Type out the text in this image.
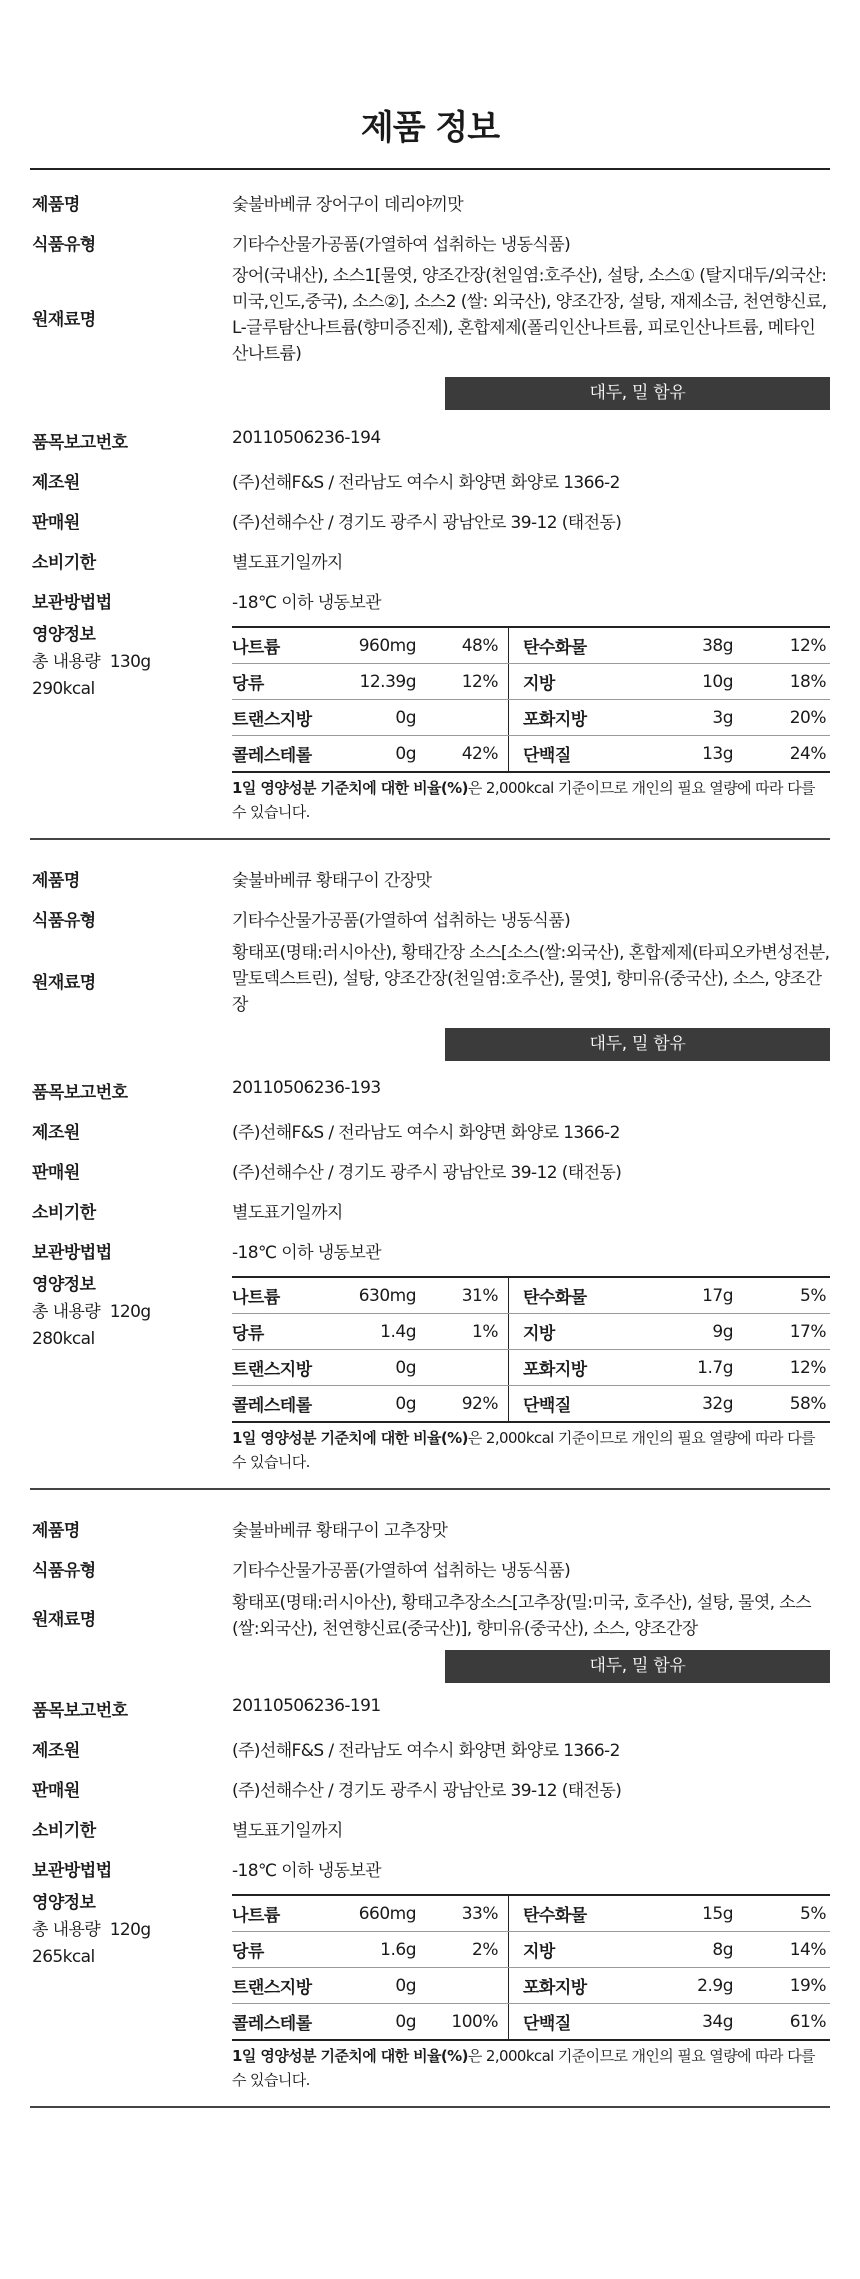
제품 정보
제품명	숯불바베큐 장어구이 데리야끼맛
식품유형	기타수산물가공품(가열하여 섭취하는 냉동식품)
원재료명
장어(국내산), 소스1[물엿, 양조간장(천일염:호주산), 설탕, 소스① (탈지대두/외국산:미국,인도,중국), 소스②], 소스2 (쌀: 외국산), 양조간장, 설탕, 재제소금, 천연향신료, L-글루탐산나트륨(향미증진제), 혼합제제(폴리인산나트륨, 피로인산나트륨, 메타인산나트륨)
대두, 밀 함유
품목보고번호	20110506236-194
제조원	(주)선해F&S / 전라남도 여수시 화양면 화양로 1366-2
판매원	(주)선해수산 / 경기도 광주시 광남안로 39-12 (태전동)
소비기한	별도표기일까지
보관방법법	-18℃ 이하 냉동보관
영양정보
총 내용량 130g
290kcal
나트륨	960mg	48%	탄수화물	38g	12%
당류	12.39g	12%	지방	10g	18%
트랜스지방	0g		포화지방	3g	20%
콜레스테롤	0g	42%	단백질	13g	24%
1일 영양성분 기준치에 대한 비율(%)은 2,000kcal 기준이므로 개인의 필요 열량에 따라 다를 수 있습니다.
제품명	숯불바베큐 황태구이 간장맛
식품유형	기타수산물가공품(가열하여 섭취하는 냉동식품)
원재료명
황태포(명태:러시아산), 황태간장 소스[소스(쌀:외국산), 혼합제제(타피오카변성전분, 말토덱스트린), 설탕, 양조간장(천일염:호주산), 물엿], 향미유(중국산), 소스, 양조간장
대두, 밀 함유
품목보고번호	20110506236-193
제조원	(주)선해F&S / 전라남도 여수시 화양면 화양로 1366-2
판매원	(주)선해수산 / 경기도 광주시 광남안로 39-12 (태전동)
소비기한	별도표기일까지
보관방법법	-18℃ 이하 냉동보관
영양정보
총 내용량 120g
280kcal
나트륨	630mg	31%	탄수화물	17g	5%
당류	1.4g	1%	지방	9g	17%
트랜스지방	0g		포화지방	1.7g	12%
콜레스테롤	0g	92%	단백질	32g	58%
1일 영양성분 기준치에 대한 비율(%)은 2,000kcal 기준이므로 개인의 필요 열량에 따라 다를 수 있습니다.
제품명	숯불바베큐 황태구이 고추장맛
식품유형	기타수산물가공품(가열하여 섭취하는 냉동식품)
원재료명
황태포(명태:러시아산), 황태고추장소스[고추장(밀:미국, 호주산), 설탕, 물엿, 소스(쌀:외국산), 천연향신료(중국산)], 향미유(중국산), 소스, 양조간장
대두, 밀 함유
품목보고번호	20110506236-191
제조원	(주)선해F&S / 전라남도 여수시 화양면 화양로 1366-2
판매원	(주)선해수산 / 경기도 광주시 광남안로 39-12 (태전동)
소비기한	별도표기일까지
보관방법법	-18℃ 이하 냉동보관
영양정보
총 내용량 120g
265kcal
나트륨	660mg	33%	탄수화물	15g	5%
당류	1.6g	2%	지방	8g	14%
트랜스지방	0g		포화지방	2.9g	19%
콜레스테롤	0g	100%	단백질	34g	61%
1일 영양성분 기준치에 대한 비율(%)은 2,000kcal 기준이므로 개인의 필요 열량에 따라 다를 수 있습니다.
